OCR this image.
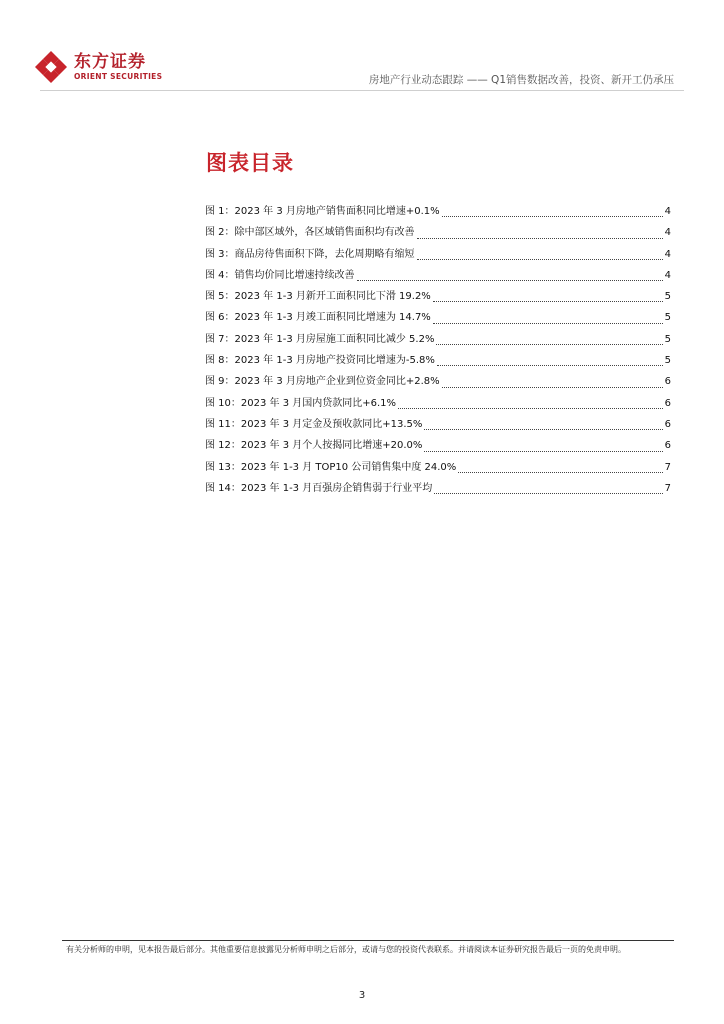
东方证券
ORIENT SECURITIES	房地产行业动态跟踪 —— Q1销售数据改善，投资、新开工仍承压
图表目录
图 1：2023 年 3 月房地产销售面积同比增速+0.1%	4
图 2：除中部区域外，各区域销售面积均有改善	4
图 3：商品房待售面积下降，去化周期略有缩短	4
图 4：销售均价同比增速持续改善	4
图 5：2023 年 1-3 月新开工面积同比下滑 19.2%	5
图 6：2023 年 1-3 月竣工面积同比增速为 14.7%	5
图 7：2023 年 1-3 月房屋施工面积同比减少 5.2%	5
图 8：2023 年 1-3 月房地产投资同比增速为-5.8%	5
图 9：2023 年 3 月房地产企业到位资金同比+2.8%	6
图 10：2023 年 3 月国内贷款同比+6.1%	6
图 11：2023 年 3 月定金及预收款同比+13.5%	6
图 12：2023 年 3 月个人按揭同比增速+20.0%	6
图 13：2023 年 1-3 月 TOP10 公司销售集中度 24.0%	7
图 14：2023 年 1-3 月百强房企销售弱于行业平均	7
有关分析师的申明，见本报告最后部分。其他重要信息披露见分析师申明之后部分，或请与您的投资代表联系。并请阅读本证券研究报告最后一页的免责申明。
3
